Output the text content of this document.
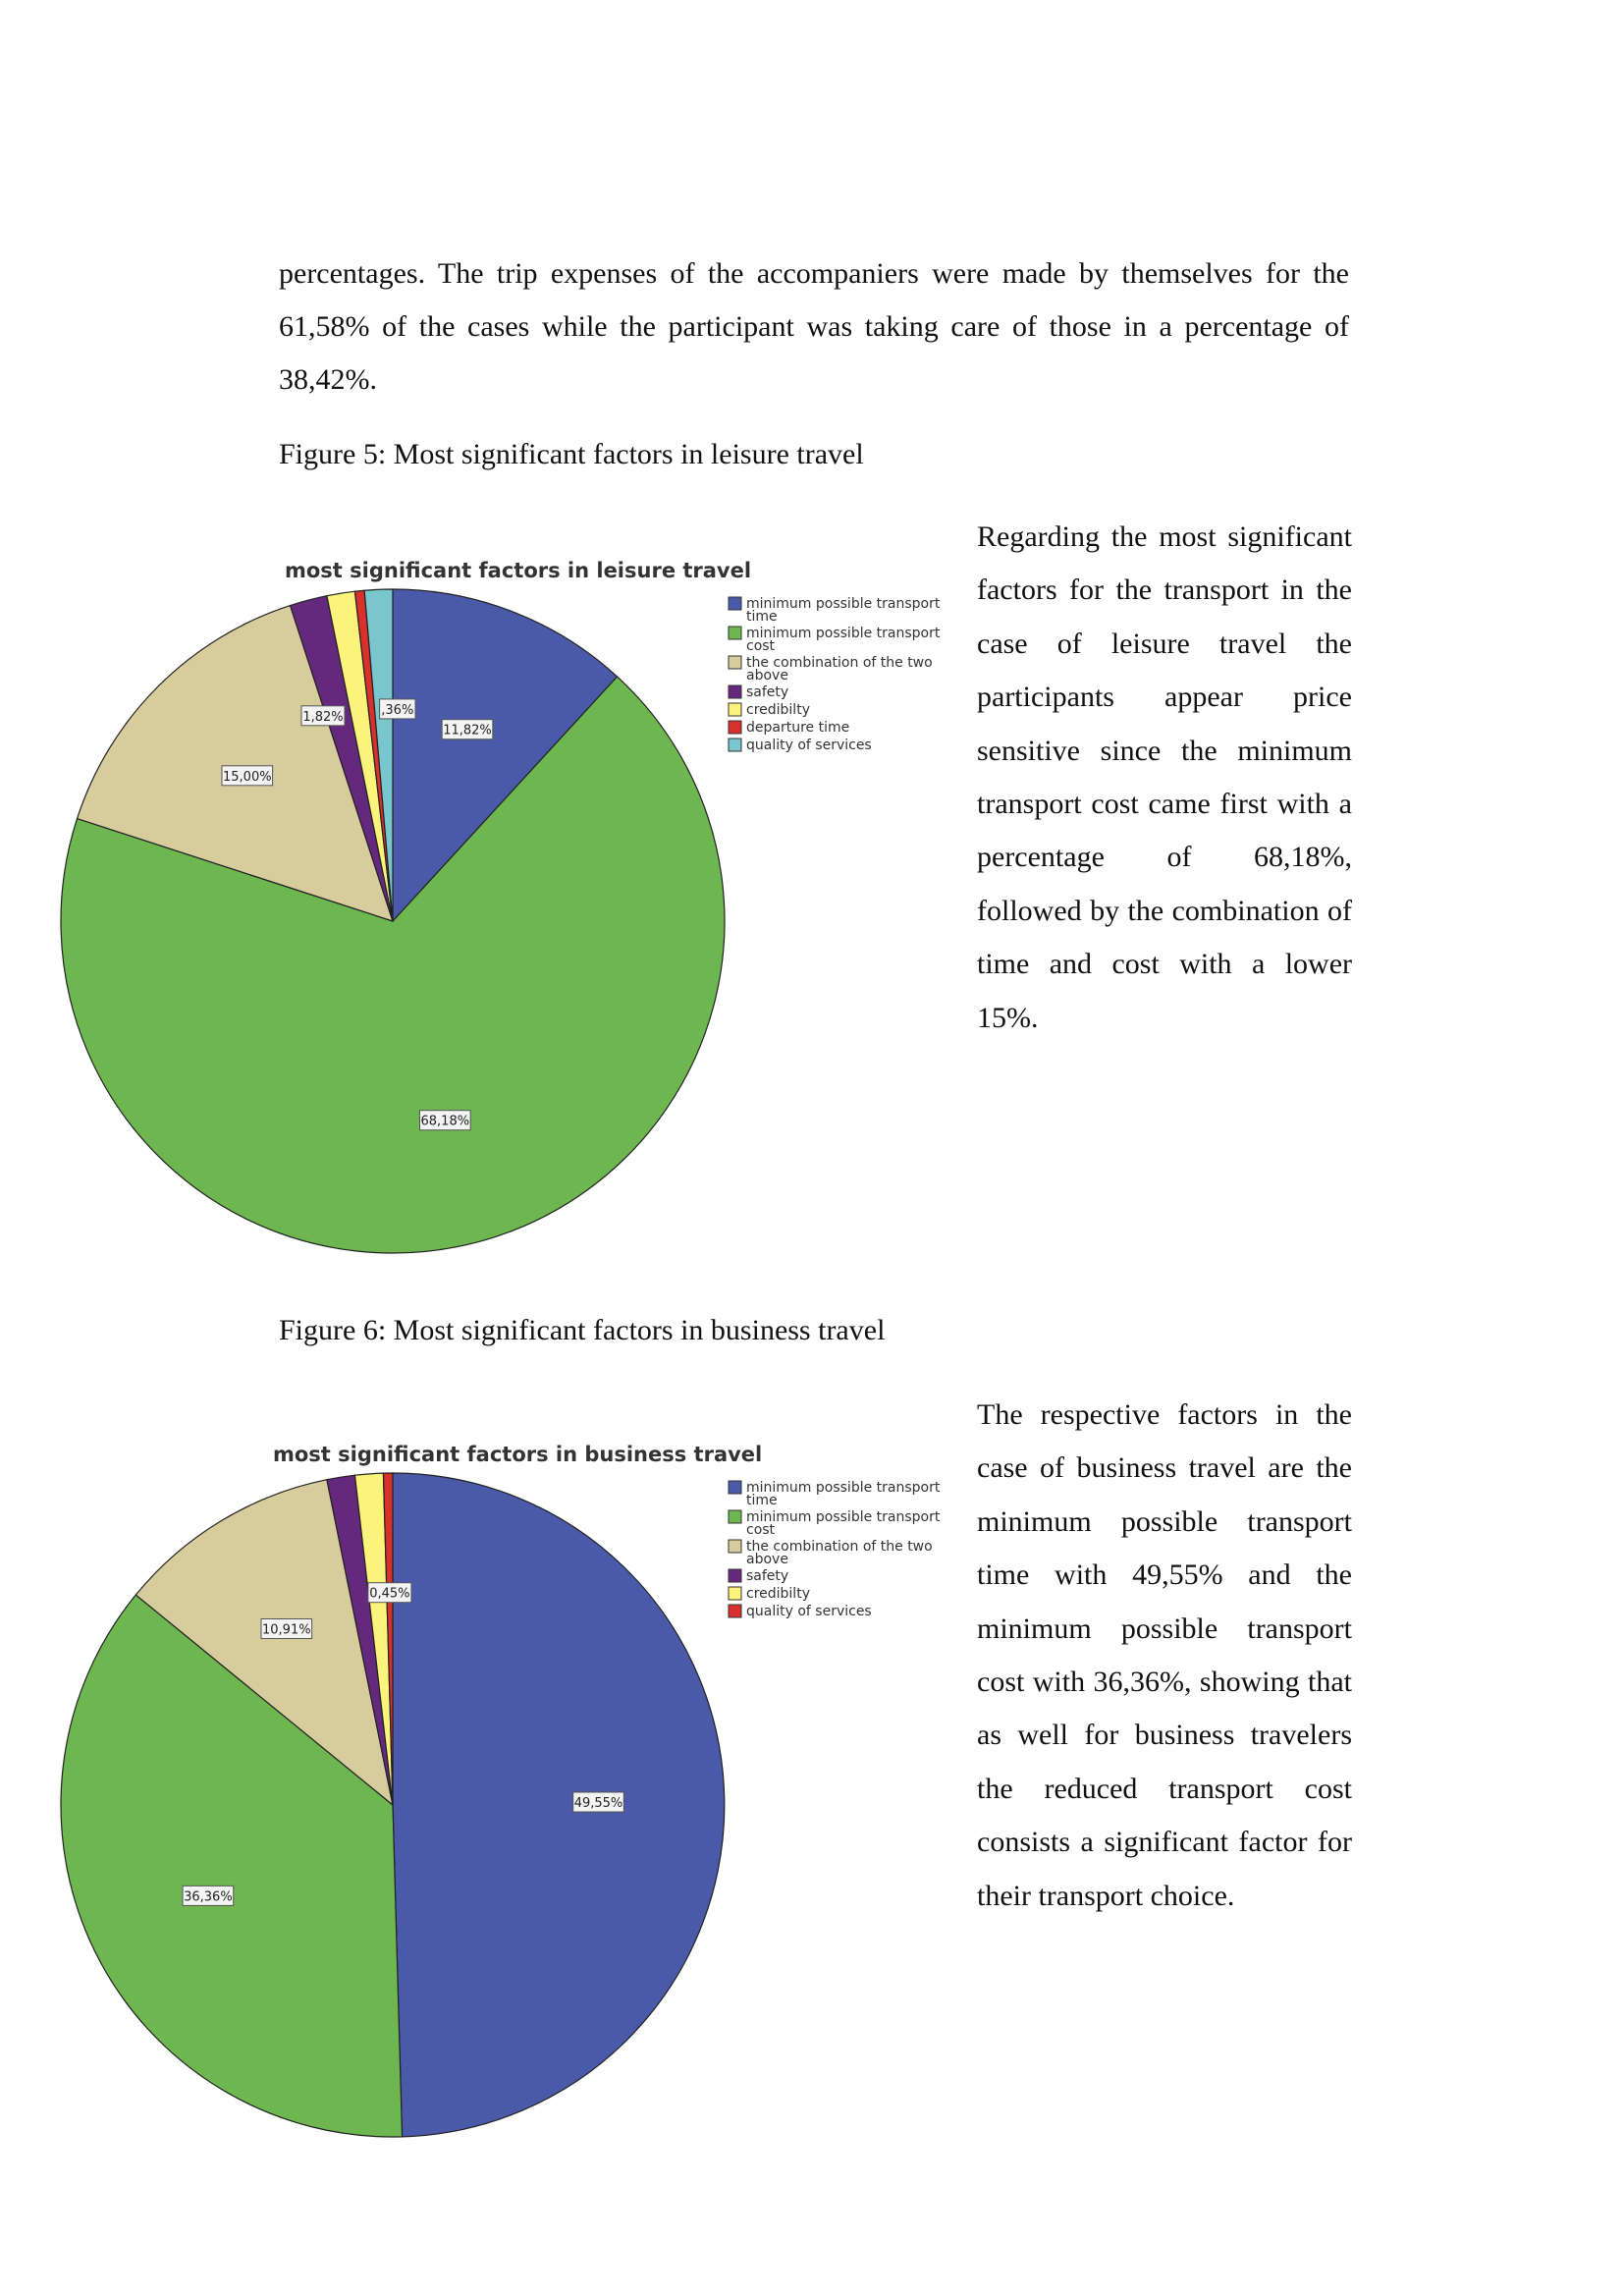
percentages. The trip expenses of the accompaniers were made by themselves for the 61,58% of the cases while the participant was taking care of those in a percentage of 38,42%.

Figure 5: Most significant factors in leisure travel

most significant factors in leisure travel
11,82%
68,18%
15,00%
1,82%	,36%
minimum possible transport time
minimum possible transport cost
the combination of the two above
safety
credibilty
departure time
quality of services

Regarding the most significant factors for the transport in the case of leisure travel the participants appear price sensitive since the minimum transport cost came first with a percentage of 68,18%, followed by the combination of time and cost with a lower 15%.

Figure 6: Most significant factors in business travel

most significant factors in business travel
49,55%
36,36%
10,91%
0,45%
minimum possible transport time
minimum possible transport cost
the combination of the two above
safety
credibilty
quality of services

The respective factors in the case of business travel are the minimum possible transport time with 49,55% and the minimum possible transport cost with 36,36%, showing that as well for business travelers the reduced transport cost consists a significant factor for their transport choice.
